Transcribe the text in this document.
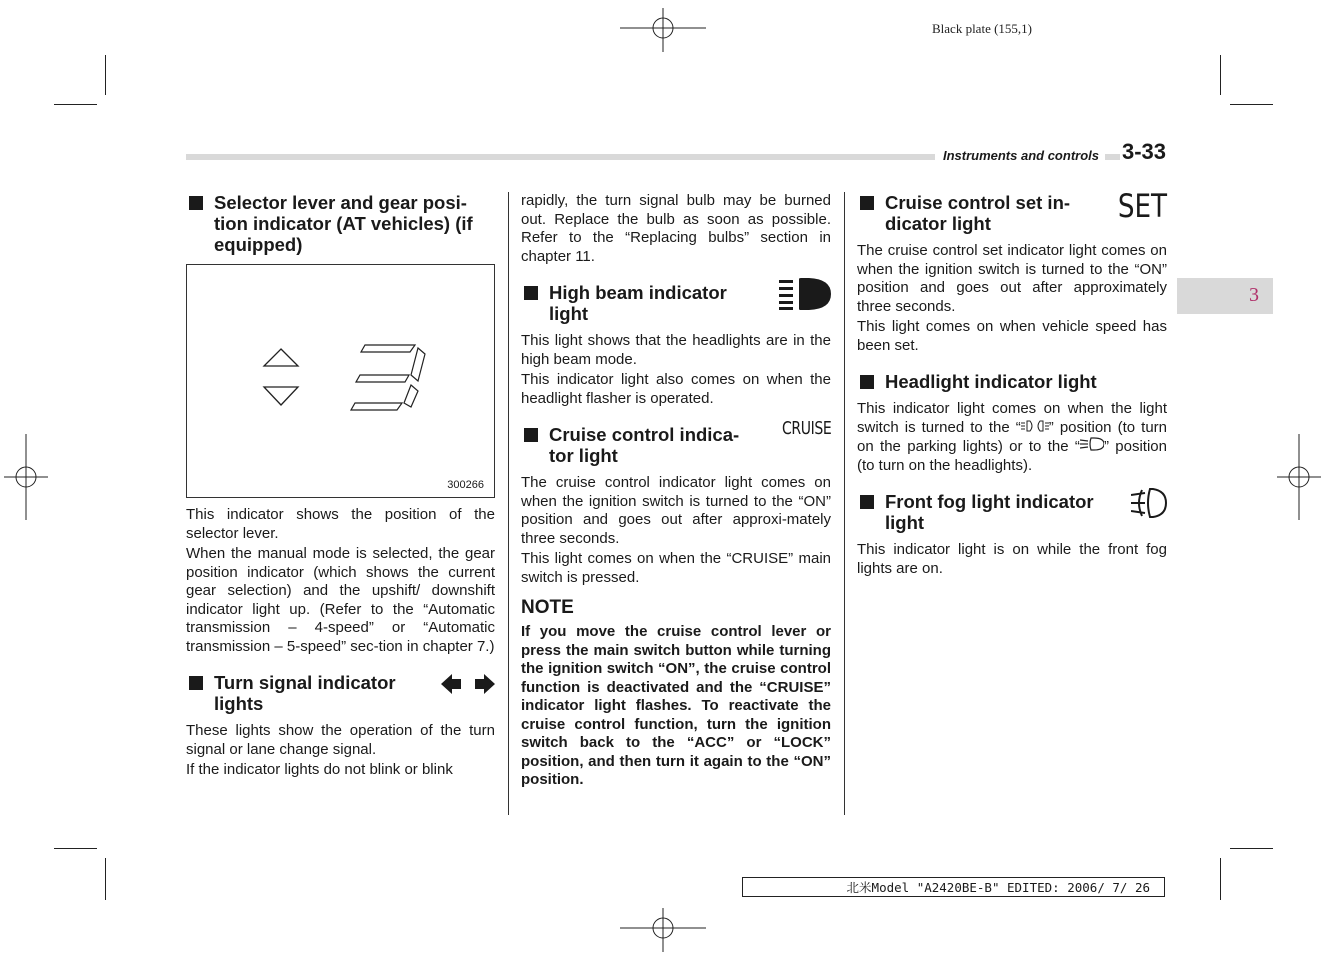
Black plate (155,1)
Instruments and controls 3-33
3
Selector lever and gear posi-tion indicator (AT vehicles) (if equipped)
300266

This indicator shows the position of the selector lever.

When the manual mode is selected, the gear position indicator (which shows the current gear selection) and the upshift/ downshift indicator light up. (Refer to the “Automatic transmission – 4-speed” or “Automatic transmission – 5-speed” sec-tion in chapter 7.)

Turn signal indicator lights

These lights show the operation of the turn signal or lane change signal.

If the indicator lights do not blink or blink

rapidly, the turn signal bulb may be burned out. Replace the bulb as soon as possible. Refer to the “Replacing bulbs” section in chapter 11.

High beam indicator light

This light shows that the headlights are in the high beam mode.

This indicator light also comes on when the headlight flasher is operated.

Cruise control indica-tor light
CRUISE

The cruise control indicator light comes on when the ignition switch is turned to the “ON” position and goes out after approxi-mately three seconds.

This light comes on when the “CRUISE” main switch is pressed.

NOTE

If you move the cruise control lever or press the main switch button while turning the ignition switch “ON”, the cruise control function is deactivated and the “CRUISE” indicator light flashes. To reactivate the cruise control function, turn the ignition switch back to the “ACC” or “LOCK” position, and then turn it again to the “ON” position.

Cruise control set in-dicator light	SET

The cruise control set indicator light comes on when the ignition switch is turned to the “ON” position and goes out after approximately three seconds.

This light comes on when vehicle speed has been set.

Headlight indicator light

This indicator light comes on when the light switch is turned to the “ ” position (to turn on the parking lights) or to the “ ” position (to turn on the headlights).

Front fog light indicator light

This indicator light is on while the front fog lights are on.

北米Model "A2420BE-B" EDITED: 2006/ 7/ 26
